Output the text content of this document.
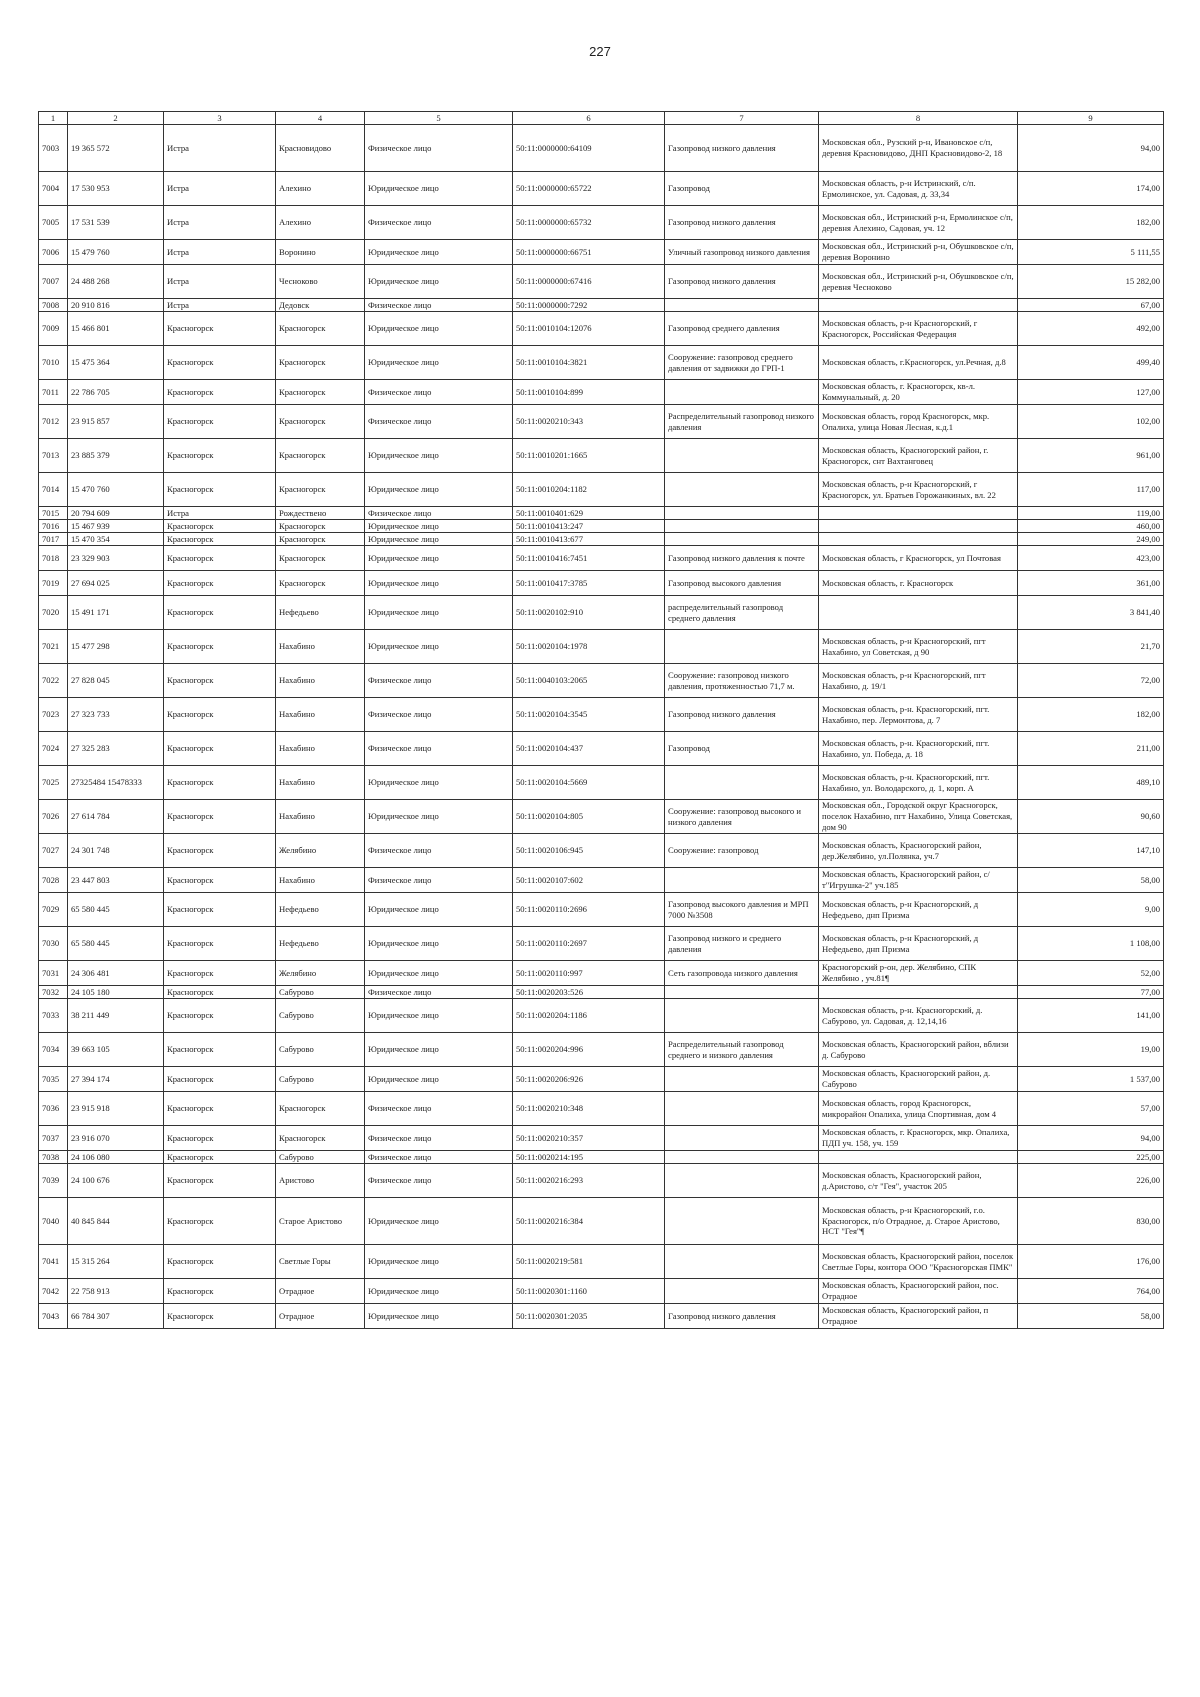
227
1	2	3	4	5	6	7	8	9
7003	19 365 572	Истра	Красновидово	Физическое лицо	50:11:0000000:64109	Газопровод низкого давления	Московская обл., Рузский р-н, Ивановское с/п, деревня Красновидово, ДНП Красновидово-2, 18	94,00
7004	17 530 953	Истра	Алехино	Юридическое лицо	50:11:0000000:65722	Газопровод	Московская область, р-н Истринский, с/п. Ермолинское, ул. Садовая, д. 33,34	174,00
7005	17 531 539	Истра	Алехино	Физическое лицо	50:11:0000000:65732	Газопровод низкого давления	Московская обл., Истринский р-н, Ермолинское с/п, деревня Алехино, Садовая, уч. 12	182,00
7006	15 479 760	Истра	Воронино	Юридическое лицо	50:11:0000000:66751	Уличный газопровод низкого давления	Московская обл., Истринский р-н, Обушковское с/п, деревня Воронино	5 111,55
7007	24 488 268	Истра	Чесноково	Юридическое лицо	50:11:0000000:67416	Газопровод низкого давления	Московская обл., Истринский р-н, Обушковское с/п, деревня Чесноково	15 282,00
7008	20 910 816	Истра	Дедовск	Физическое лицо	50:11:0000000:7292			67,00
7009	15 466 801	Красногорск	Красногорск	Юридическое лицо	50:11:0010104:12076	Газопровод среднего давления	Московская область, р-н Красногорский, г Красногорск, Российская Федерация	492,00
7010	15 475 364	Красногорск	Красногорск	Юридическое лицо	50:11:0010104:3821	Сооружение: газопровод среднего давления от задвижки до ГРП-1	Московская область, г.Красногорск, ул.Речная, д.8	499,40
7011	22 786 705	Красногорск	Красногорск	Физическое лицо	50:11:0010104:899		Московская область, г. Красногорск, кв-л. Коммунальный, д. 20	127,00
7012	23 915 857	Красногорск	Красногорск	Физическое лицо	50:11:0020210:343	Распределительный газопровод низкого давления	Московская область, город Красногорск, мкр. Опалиха, улица Новая Лесная, к.д.1	102,00
7013	23 885 379	Красногорск	Красногорск	Юридическое лицо	50:11:0010201:1665		Московская область, Красногорский район, г. Красногорск, снт Вахтанговец	961,00
7014	15 470 760	Красногорск	Красногорск	Юридическое лицо	50:11:0010204:1182		Московская область, р-н Красногорский, г Красногорск, ул. Братьев Горожанкиных, вл. 22	117,00
7015	20 794 609	Истра	Рождествено	Физическое лицо	50:11:0010401:629			119,00
7016	15 467 939	Красногорск	Красногорск	Юридическое лицо	50:11:0010413:247			460,00
7017	15 470 354	Красногорск	Красногорск	Юридическое лицо	50:11:0010413:677			249,00
7018	23 329 903	Красногорск	Красногорск	Юридическое лицо	50:11:0010416:7451	Газопровод низкого давления к почте	Московская область, г Красногорск, ул Почтовая	423,00
7019	27 694 025	Красногорск	Красногорск	Юридическое лицо	50:11:0010417:3785	Газопровод высокого давления	Московская область, г. Красногорск	361,00
7020	15 491 171	Красногорск	Нефедьево	Юридическое лицо	50:11:0020102:910	распределительный газопровод среднего давления		3 841,40
7021	15 477 298	Красногорск	Нахабино	Юридическое лицо	50:11:0020104:1978		Московская область, р-н Красногорский, пгт Нахабино, ул Советская, д 90	21,70
7022	27 828 045	Красногорск	Нахабино	Физическое лицо	50:11:0040103:2065	Сооружение: газопровод низкого давления, протяженностью 71,7 м.	Московская область, р-н Красногорский, пгт Нахабино, д. 19/1	72,00
7023	27 323 733	Красногорск	Нахабино	Физическое лицо	50:11:0020104:3545	Газопровод низкого давления	Московская область, р-н. Красногорский, пгт. Нахабино, пер. Лермонтова, д. 7	182,00
7024	27 325 283	Красногорск	Нахабино	Физическое лицо	50:11:0020104:437	Газопровод	Московская область, р-н. Красногорский, пгт. Нахабино, ул. Победа, д. 18	211,00
7025	27325484 15478333	Красногорск	Нахабино	Юридическое лицо	50:11:0020104:5669		Московская область, р-н. Красногорский, пгт. Нахабино, ул. Володарского, д. 1, корп. А	489,10
7026	27 614 784	Красногорск	Нахабино	Юридическое лицо	50:11:0020104:805	Сооружение: газопровод высокого и низкого давления	Московская обл., Городской округ Красногорск, поселок Нахабино, пгт Нахабино, Улица Советская, дом 90	90,60
7027	24 301 748	Красногорск	Желябино	Физическое лицо	50:11:0020106:945	Сооружение: газопровод	Московская область, Красногорский район, дер.Желябино, ул.Полянка, уч.7	147,10
7028	23 447 803	Красногорск	Нахабино	Физическое лицо	50:11:0020107:602		Московская область, Красногорский район, с/т"Игрушка-2" уч.185	58,00
7029	65 580 445	Красногорск	Нефедьево	Юридическое лицо	50:11:0020110:2696	Газопровод высокого давления и МРП 7000 №3508	Московская область, р-н Красногорский, д Нефедьево, днп Призма	9,00
7030	65 580 445	Красногорск	Нефедьево	Юридическое лицо	50:11:0020110:2697	Газопровод низкого и среднего давления	Московская область, р-н Красногорский, д Нефедьево, днп Призма	1 108,00
7031	24 306 481	Красногорск	Желябино	Юридическое лицо	50:11:0020110:997	Сеть газопровода низкого давления	Красногорский р-он, дер. Желябино, СПК Желябино , уч.81¶	52,00
7032	24 105 180	Красногорск	Сабурово	Физическое лицо	50:11:0020203:526			77,00
7033	38 211 449	Красногорск	Сабурово	Юридическое лицо	50:11:0020204:1186		Московская область, р-н. Красногорский, д. Сабурово, ул. Садовая, д. 12,14,16	141,00
7034	39 663 105	Красногорск	Сабурово	Юридическое лицо	50:11:0020204:996	Распределительный газопровод среднего и низкого давления	Московская область, Красногорский район, вблизи д. Сабурово	19,00
7035	27 394 174	Красногорск	Сабурово	Юридическое лицо	50:11:0020206:926		Московская область, Красногорский район, д. Сабурово	1 537,00
7036	23 915 918	Красногорск	Красногорск	Физическое лицо	50:11:0020210:348		Московская область, город Красногорск, микрорайон Опалиха, улица Спортивная, дом 4	57,00
7037	23 916 070	Красногорск	Красногорск	Физическое лицо	50:11:0020210:357		Московская область, г. Красногорск, мкр. Опалиха, ПДП уч. 158, уч. 159	94,00
7038	24 106 080	Красногорск	Сабурово	Физическое лицо	50:11:0020214:195			225,00
7039	24 100 676	Красногорск	Аристово	Физическое лицо	50:11:0020216:293		Московская область, Красногорский район, д.Аристово, с/т "Гея", участок 205	226,00
7040	40 845 844	Красногорск	Старое Аристово	Юридическое лицо	50:11:0020216:384		Московская область, р-н Красногорский, г.о. Красногорск, п/о Отрадное, д. Старое Аристово, НСТ "Гея"¶	830,00
7041	15 315 264	Красногорск	Светлые Горы	Юридическое лицо	50:11:0020219:581		Московская область, Красногорский район, поселок Светлые Горы, контора ООО "Красногорская ПМК"	176,00
7042	22 758 913	Красногорск	Отрадное	Юридическое лицо	50:11:0020301:1160		Московская область, Красногорский район, пос. Отрадное	764,00
7043	66 784 307	Красногорск	Отрадное	Юридическое лицо	50:11:0020301:2035	Газопровод низкого давления	Московская область, Красногорский район, п Отрадное	58,00
